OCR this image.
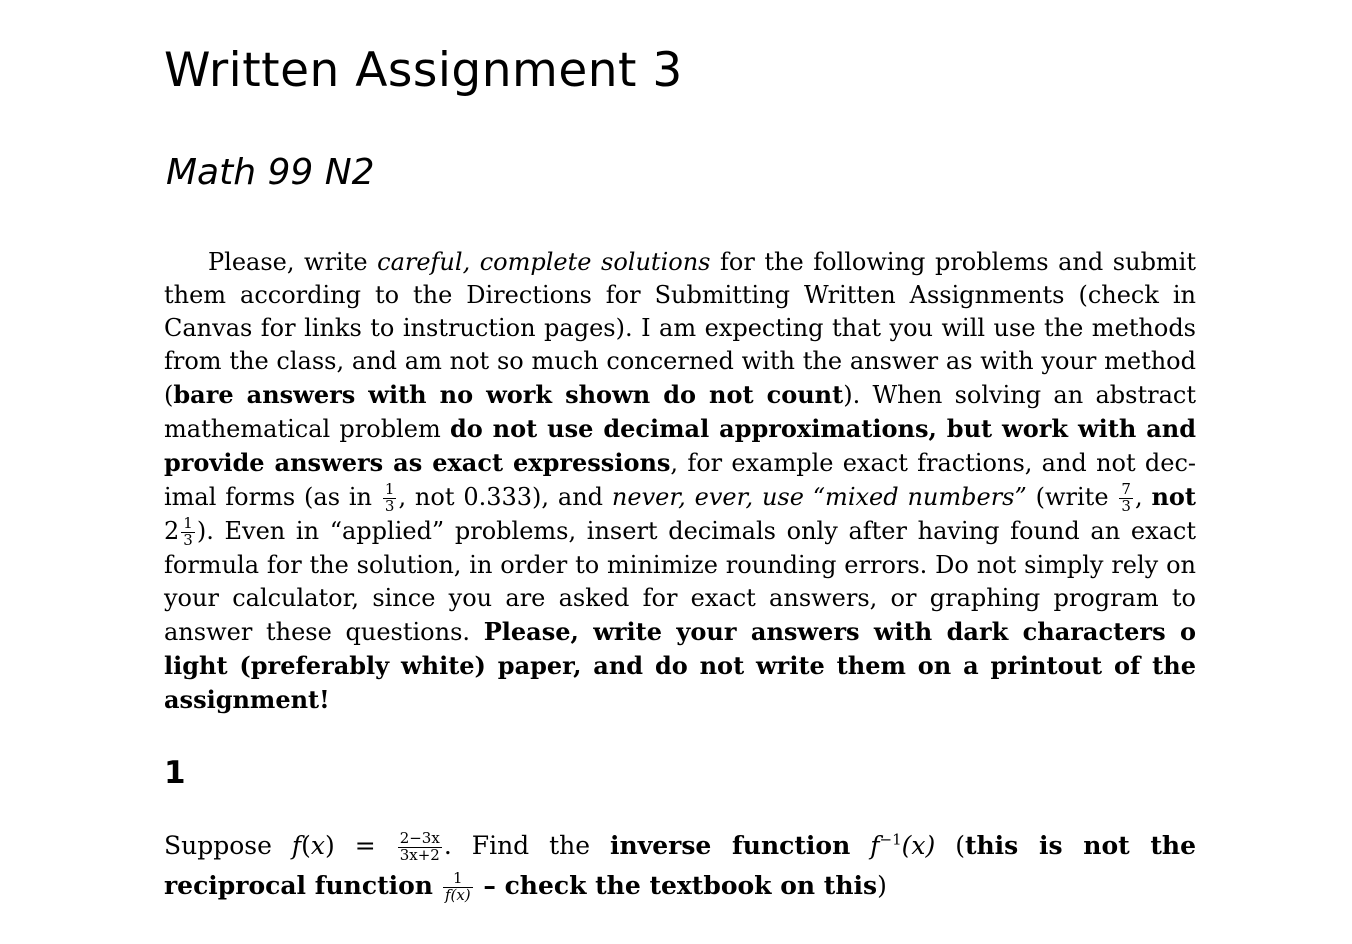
Written Assignment 3
Math 99 N2

Please, write careful, complete solutions for the following problems and submit them according to the Directions for Submitting Written Assignments (check in Canvas for links to instruction pages). I am expecting that you will use the methods from the class, and am not so much concerned with the answer as with your method (bare answers with no work shown do not count). When solving an abstract mathematical problem do not use decimal approximations, but work with and provide answers as exact expressions, for example exact fractions, and not decimal forms (as in $\frac{1}{3}$ , not 0.333), and never, ever, use “mixed numbers” (write $\frac{7}{3}$ , not $2 \frac{1}{3}$ ). Even in “applied” problems, insert decimals only after having found an exact formula for the solution, in order to minimize rounding errors. Do not simply rely on your calculator, since you are asked for exact answers, or graphing program to answer these questions. Please, write your answers with dark characters o light (preferably white) paper, and do not write them on a printout of the assignment!

1

Suppose $f(x) = \frac{2-3x}{3x+2}$ . Find the inverse function $f^{-1}(x)$ (this is not the reciprocal function $\frac{1}{f(x)}$ – check the textbook on this)
